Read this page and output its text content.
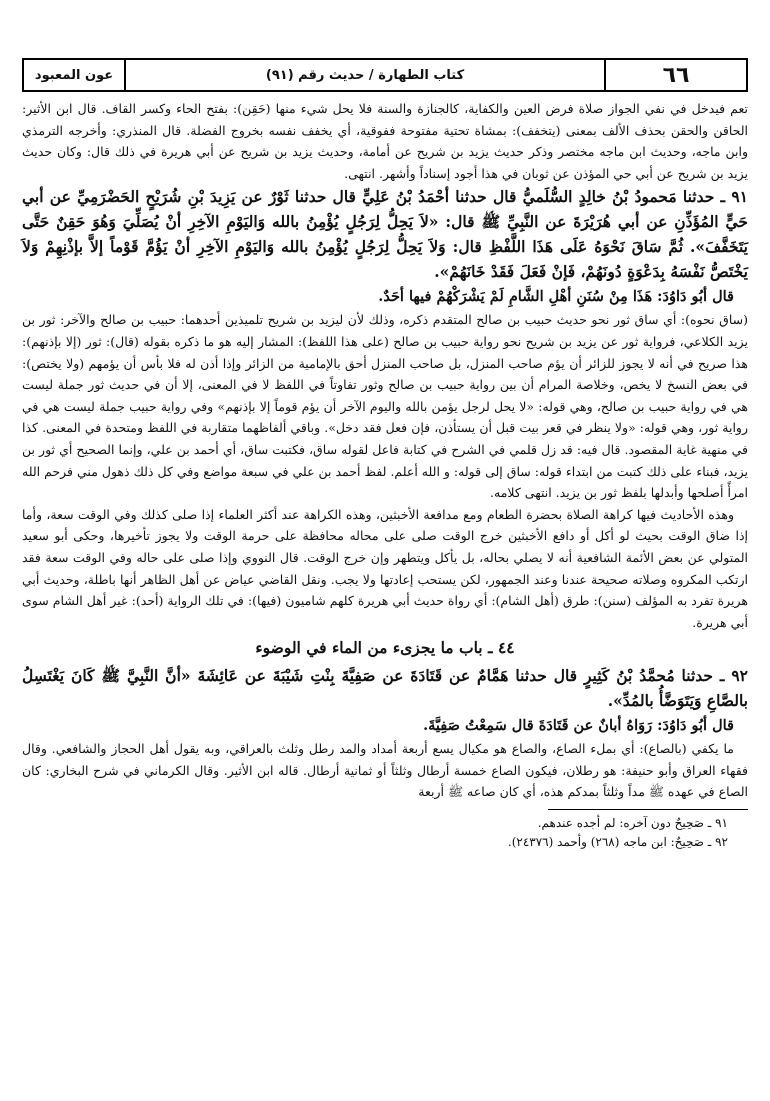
٦٦
كتاب الطهارة / حديث رقم (٩١)
عون المعبود

تعم فيدخل في نفي الجواز صلاة فرض العين والكفاية، كالجنازة والسنة فلا يحل شيء منها (حَقِن): بفتح الحاء وكسر القاف. قال ابن الأثير: الحاقن والحقن بحذف الألف بمعنى (يتخفف): بمشاة تحتية مفتوحة ففوقية، أي يخفف نفسه بخروج الفضلة. قال المنذري: وأخرجه الترمذي وابن ماجه، وحديث ابن ماجه مختصر وذكر حديث يزيد بن شريح عن أمامة، وحديث يزيد بن شريح عن أبي هريرة في ذلك قال: وكان حديث يزيد بن شريح عن أبي حي المؤذن عن ثوبان في هذا أجود إسناداً وأشهر. انتهى.

٩١ ـ حدثنا مَحمودُ بْنُ خالِدٍ السُّلَميُّ قال حدثنا أحْمَدُ بْنُ عَلِيٍّ قال حدثنا ثَوْرٌ عن يَزِيدَ بْنِ شُرَيْحٍ الحَضْرَمِيِّ عن أبي حَيٍّ المُؤَذِّنِ عن أبي هُرَيْرَةَ عن النَّبِيِّ ﷺ قال: «لاَ يَحِلُّ لِرَجُلٍ يُؤْمِنُ بالله وَاليَوْمِ الآخِرِ أنْ يُصَلِّيَ وَهُوَ حَقِنٌ حَتَّى يَتَخَفَّفَ». ثُمَّ سَاقَ نَحْوَهُ عَلَى هَذَا اللَّفْظِ قال: وَلاَ يَحِلُّ لِرَجُلٍ يُؤْمِنُ بالله وَاليَوْمِ الآخِرِ أنْ يَؤُمَّ قَوْماً إلاَّ بإذْنِهِمْ وَلاَ يَخْتَصُّ نَفْسَهُ بِدَعْوَةٍ دُونَهُمْ، فَإنْ فَعَلَ فَقَدْ خَانَهُمْ».

قال أبُو دَاوُدَ: هَذَا مِنْ سُنَنِ أهْلِ الشَّامِ لَمْ يَشْرَكْهُمْ فيها أحَدٌ.

(ساق نحوه): أي ساق ثور نحو حديث حبيب بن صالح المتقدم ذكره، وذلك لأن ليزيد بن شريح تلميذين أحدهما: حبيب بن صالح والآخر: ثور بن يزيد الكلاعي، فرواية ثور عن يزيد بن شريح نحو رواية حبيب بن صالح (على هذا اللفظ): المشار إليه هو ما ذكره بقوله (قال): ثور (إلا بإذنهم): هذا صريح في أنه لا يجوز للزائر أن يؤم صاحب المنزل، بل صاحب المنزل أحق بالإمامية من الزائر وإذا أذن له فلا بأس أن يؤمهم (ولا يختص): في بعض النسخ لا يخص، وخلاصة المرام أن بين رواية حبيب بن صالح وثور تفاوتاً في اللفظ لا في المعنى، إلا أن في حديث ثور جملة ليست هي في رواية حبيب بن صالح، وهي قوله: «لا يحل لرجل يؤمن بالله واليوم الآخر أن يؤم قوماً إلا بإذنهم» وفي رواية حبيب جملة ليست هي في رواية ثور، وهي قوله: «ولا ينظر في قعر بيت قبل أن يستأذن، فإن فعل فقد دخل». وباقي ألفاظهما متقاربة في اللفظ ومتحدة في المعنى. كذا في منهية غاية المقصود. قال فيه: قد زل قلمي في الشرح في كتابة فاعل لقوله ساق، فكتبت ساق، أي أحمد بن علي، وإنما الصحيح أي ثور بن يزيد، فبناء على ذلك كتبت من ابتداء قوله: ساق إلى قوله: و الله أعلم. لفظ أحمد بن علي في سبعة مواضع وفي كل ذلك ذهول مني فرحم الله امرأً أصلحها وأبدلها بلفظ ثور بن يزيد. انتهى كلامه.

وهذه الأحاديث فيها كراهة الصلاة بحضرة الطعام ومع مدافعة الأخبثين، وهذه الكراهة عند أكثر العلماء إذا صلى كذلك وفي الوقت سعة، وأما إذا ضاق الوقت بحيث لو أكل أو دافع الأخبثين خرج الوقت صلى على محاله محافظة على حرمة الوقت ولا يجوز تأخيرها، وحكى أبو سعيد المتولي عن بعض الأئمة الشافعية أنه لا يصلي بحاله، بل يأكل ويتطهر وإن خرج الوقت. قال النووي وإذا صلى على حاله وفي الوقت سعة فقد ارتكب المكروه وصلاته صحيحة عندنا وعند الجمهور، لكن يستحب إعادتها ولا يجب. ونقل القاضي عياض عن أهل الظاهر أنها باطلة، وحديث أبي هريرة تفرد به المؤلف (سنن): طرق (أهل الشام): أي رواة حديث أبي هريرة كلهم شاميون (فيها): في تلك الرواية (أحد): غير أهل الشام سوى أبي هريرة.

٤٤ ـ باب ما يجزىء من الماء في الوضوء

٩٢ ـ حدثنا مُحمَّدُ بْنُ كَثِيرٍ قال حدثنا هَمَّامٌ عن قَتَادَةَ عن صَفِيَّةَ بِنْتِ شَيْبَةَ عن عَائِشَةَ «أنَّ النَّبِيَّ ﷺ كَانَ يَغْتَسِلُ بالصَّاعِ وَيَتَوَضَّأُ بالمُدِّ».

قال أبُو دَاوُدَ: رَوَاهُ أبانٌ عن قَتَادَةَ قال سَمِعْتُ صَفِيَّةَ.

ما يكفي (بالصاع): أي بملء الصاع، والصاع هو مكيال يسع أربعة أمداد والمد رطل وثلث بالعراقي، وبه يقول أهل الحجاز والشافعي. وقال فقهاء العراق وأبو حنيفة: هو رطلان، فيكون الصاع خمسة أرطال وثلثاً أو ثمانية أرطال. قاله ابن الأثير. وقال الكرماني في شرح البخاري: كان الصاع في عهده ﷺ مداً وثلثاً بمدكم هذه، أي كان صاعه ﷺ أربعة

٩١ ـ صَحِيحٌ دون آخره: لم أجده عندهم.

٩٢ ـ صَحِيحٌ: ابن ماجه (٢٦٨) وأحمد (٢٤٣٧٦).
